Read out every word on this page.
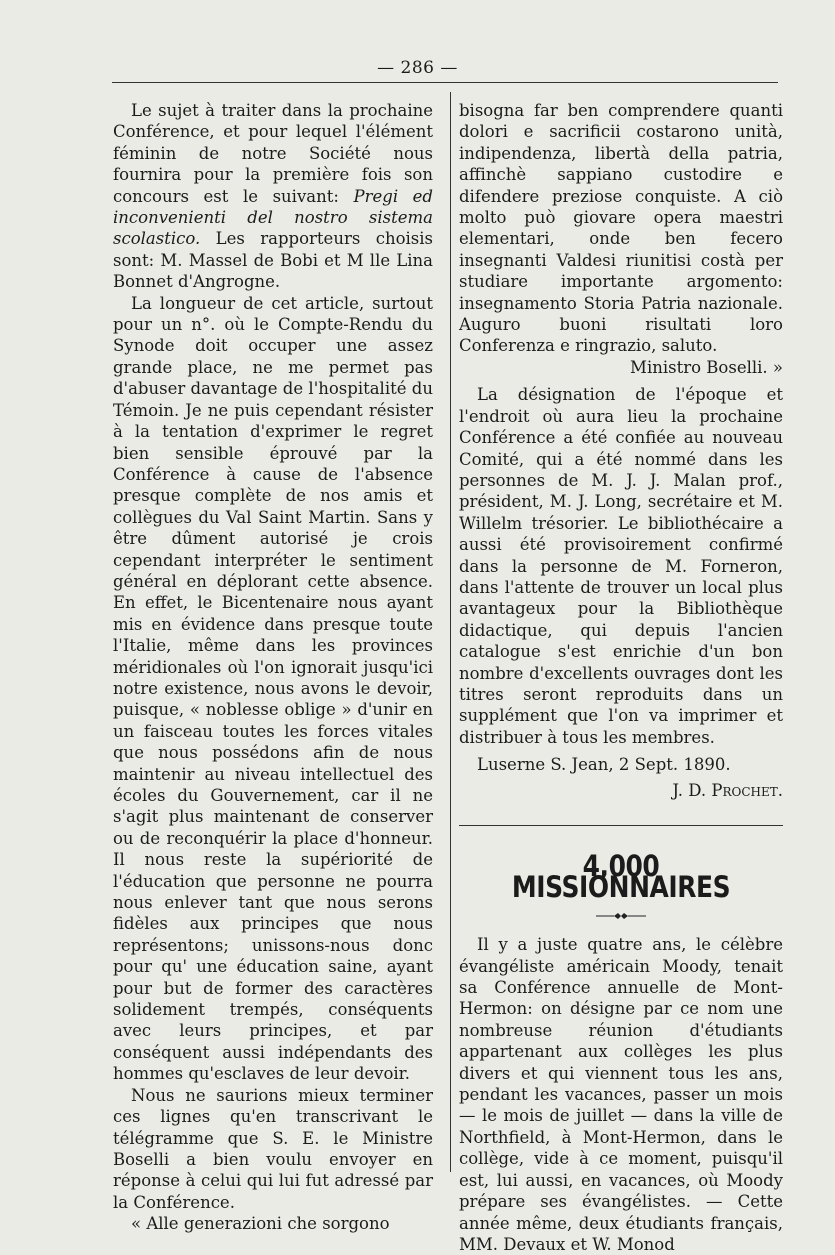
— 286 —

Le sujet à traiter dans la prochaine Conférence, et pour lequel l'élément féminin de notre Société nous fournira pour la première fois son concours est le suivant: Pregi ed inconvenienti del nostro sistema scolastico. Les rapporteurs choisis sont: M. Massel de Bobi et M lle Lina Bonnet d'Angrogne.

La longueur de cet article, surtout pour un n°. où le Compte-Rendu du Synode doit occuper une assez grande place, ne me permet pas d'abuser davantage de l'hospitalité du Témoin. Je ne puis cependant résister à la tentation d'exprimer le regret bien sensible éprouvé par la Conférence à cause de l'absence presque complète de nos amis et collègues du Val Saint Martin. Sans y être dûment autorisé je crois cependant interpréter le sentiment général en déplorant cette absence. En effet, le Bicentenaire nous ayant mis en évidence dans presque toute l'Italie, même dans les provinces méridionales où l'on ignorait jusqu'ici notre existence, nous avons le devoir, puisque, « noblesse oblige » d'unir en un faisceau toutes les forces vitales que nous possédons afin de nous maintenir au niveau intellectuel des écoles du Gouvernement, car il ne s'agit plus maintenant de conserver ou de reconquérir la place d'honneur. Il nous reste la supériorité de l'éducation que personne ne pourra nous enlever tant que nous serons fidèles aux principes que nous représentons; unissons-nous donc pour qu' une éducation saine, ayant pour but de former des caractères solidement trempés, conséquents avec leurs principes, et par conséquent aussi indépendants des hommes qu'esclaves de leur devoir.

Nous ne saurions mieux terminer ces lignes qu'en transcrivant le télégramme que S. E. le Ministre Boselli a bien voulu envoyer en réponse à celui qui lui fut adressé par la Conférence.

« Alle generazioni che sorgono

bisogna far ben comprendere quanti dolori e sacrificii costarono unità, indipendenza, libertà della patria, affinchè sappiano custodire e difendere preziose conquiste. A ciò molto può giovare opera maestri elementari, onde ben fecero insegnanti Valdesi riunitisi costà per studiare importante argomento: insegnamento Storia Patria nazionale. Auguro buoni risultati loro Conferenza e ringrazio, saluto.

Ministro Boselli. »

La désignation de l'époque et l'endroit où aura lieu la prochaine Conférence a été confiée au nouveau Comité, qui a été nommé dans les personnes de M. J. J. Malan prof., président, M. J. Long, secrétaire et M. Willelm trésorier. Le bibliothécaire a aussi été provisoirement confirmé dans la personne de M. Forneron, dans l'attente de trouver un local plus avantageux pour la Bibliothèque didactique, qui depuis l'ancien catalogue s'est enrichie d'un bon nombre d'excellents ouvrages dont les titres seront reproduits dans un supplément que l'on va imprimer et distribuer à tous les membres.

Luserne S. Jean, 2 Sept. 1890.

J. D. Prochet.

4,000 MISSIONNAIRES

Il y a juste quatre ans, le célèbre évangéliste américain Moody, tenait sa Conférence annuelle de Mont-Hermon: on désigne par ce nom une nombreuse réunion d'étudiants appartenant aux collèges les plus divers et qui viennent tous les ans, pendant les vacances, passer un mois — le mois de juillet — dans la ville de Northfield, à Mont-Hermon, dans le collège, vide à ce moment, puisqu'il est, lui aussi, en vacances, où Moody prépare ses évangélistes. — Cette année même, deux étudiants français, MM. Devaux et W. Monod
